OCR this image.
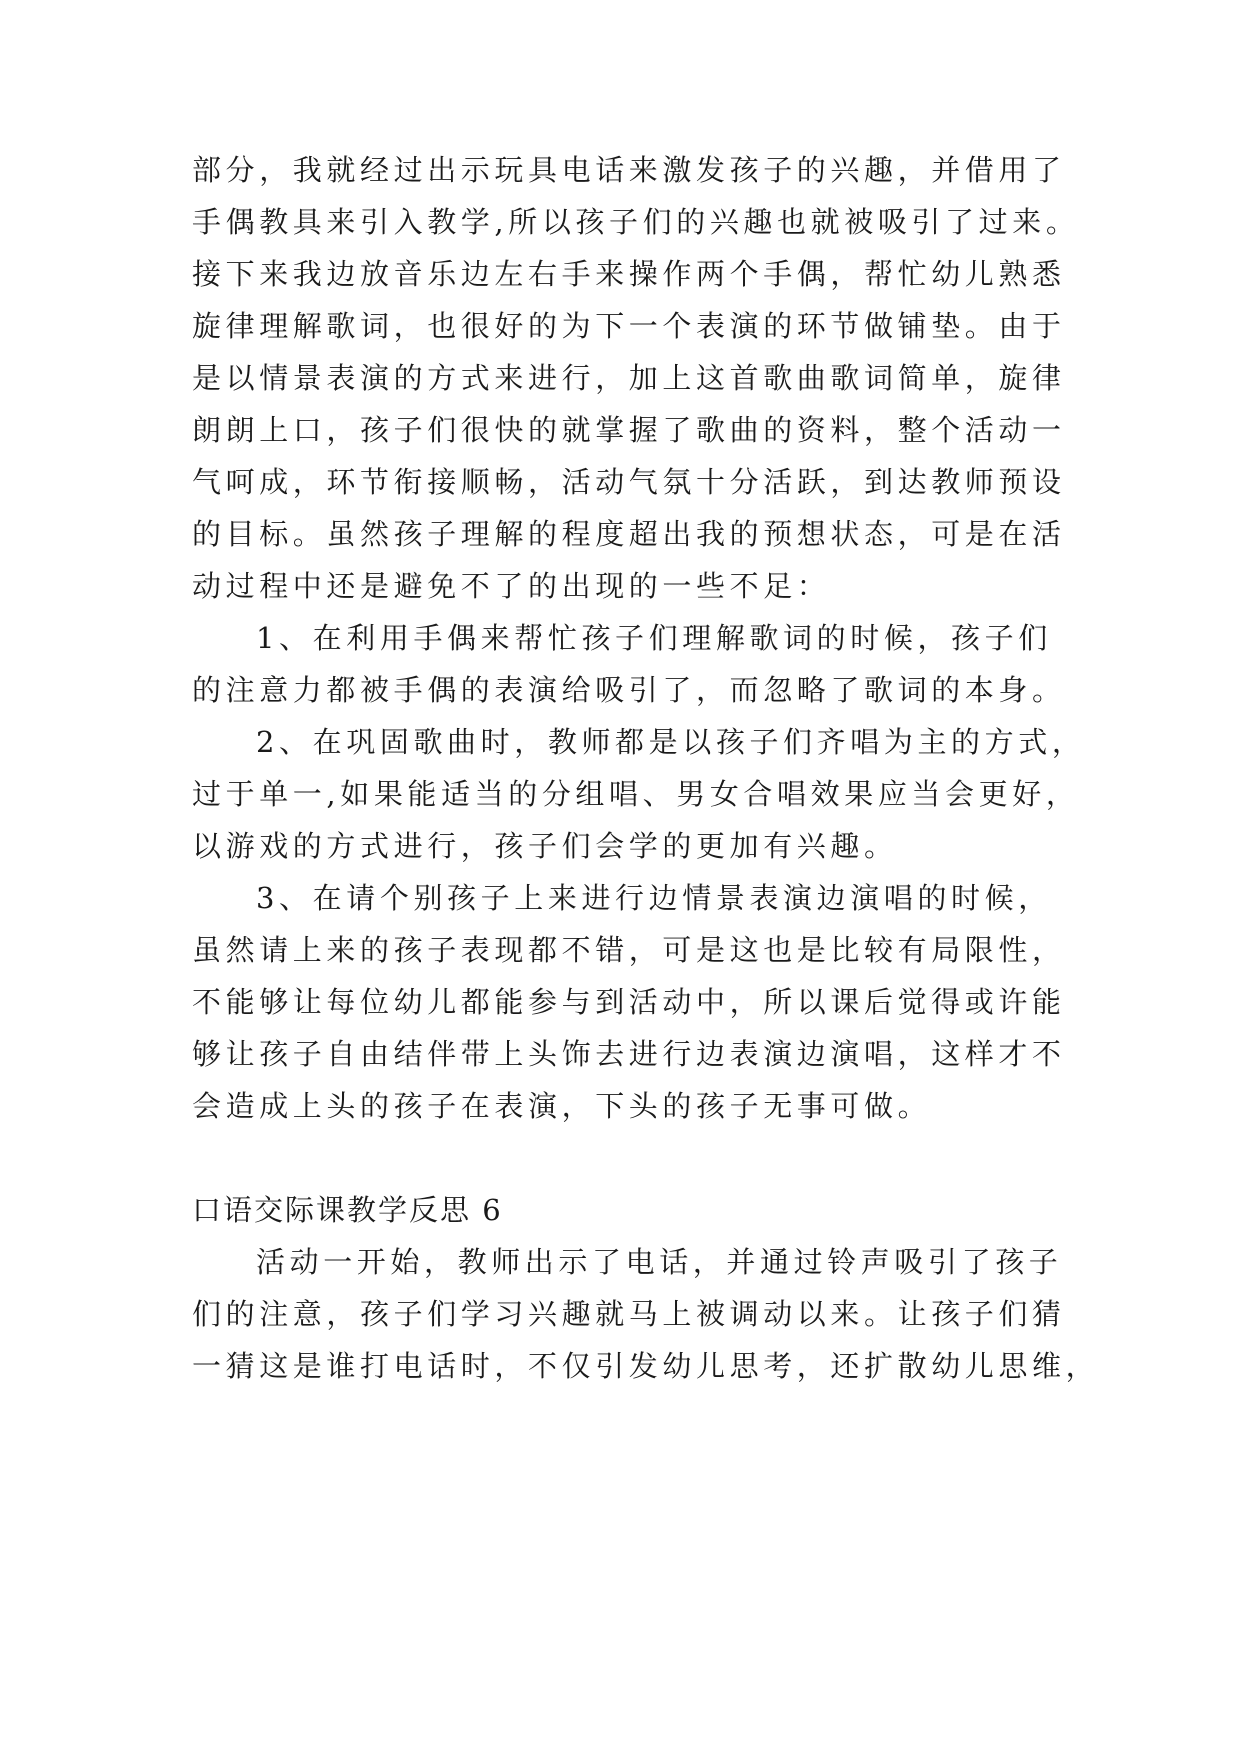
部分，我就经过出示玩具电话来激发孩子的兴趣，并借用了
手偶教具来引入教学,所以孩子们的兴趣也就被吸引了过来。
接下来我边放音乐边左右手来操作两个手偶，帮忙幼儿熟悉
旋律理解歌词，也很好的为下一个表演的环节做铺垫。由于
是以情景表演的方式来进行，加上这首歌曲歌词简单，旋律
朗朗上口，孩子们很快的就掌握了歌曲的资料，整个活动一
气呵成，环节衔接顺畅，活动气氛十分活跃，到达教师预设
的目标。虽然孩子理解的程度超出我的预想状态，可是在活
动过程中还是避免不了的出现的一些不足：
1、在利用手偶来帮忙孩子们理解歌词的时候，孩子们
的注意力都被手偶的表演给吸引了，而忽略了歌词的本身。
2、在巩固歌曲时，教师都是以孩子们齐唱为主的方式，
过于单一,如果能适当的分组唱、男女合唱效果应当会更好，
以游戏的方式进行，孩子们会学的更加有兴趣。
3、在请个别孩子上来进行边情景表演边演唱的时候，
虽然请上来的孩子表现都不错，可是这也是比较有局限性，
不能够让每位幼儿都能参与到活动中，所以课后觉得或许能
够让孩子自由结伴带上头饰去进行边表演边演唱，这样才不
会造成上头的孩子在表演，下头的孩子无事可做。
口语交际课教学反思 6
活动一开始，教师出示了电话，并通过铃声吸引了孩子
们的注意，孩子们学习兴趣就马上被调动以来。让孩子们猜
一猜这是谁打电话时，不仅引发幼儿思考，还扩散幼儿思维，
